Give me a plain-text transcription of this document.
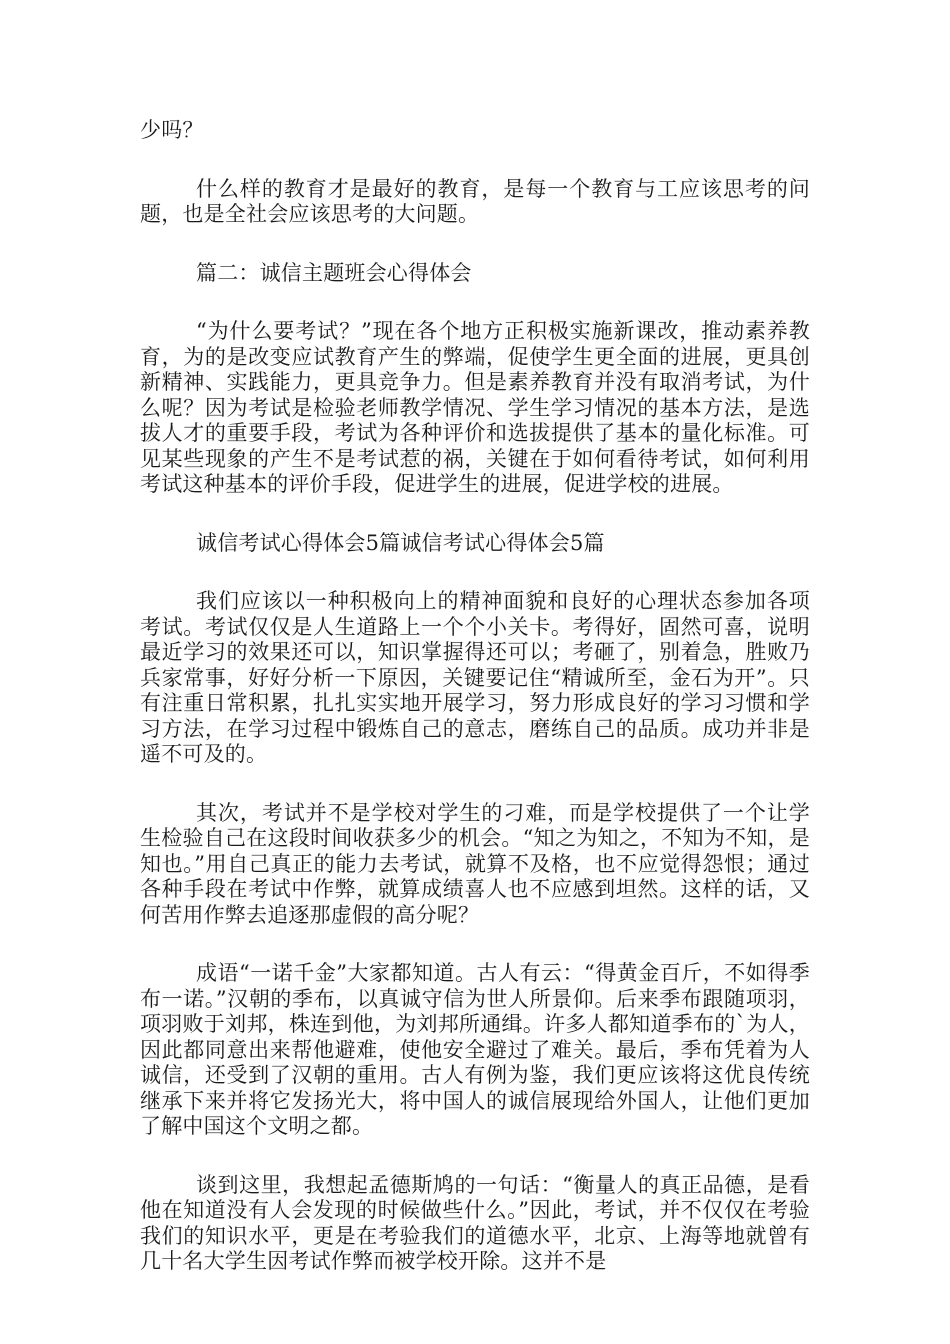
少吗？

什么样的教育才是最好的教育，是每一个教育与工应该思考的问题，也是全社会应该思考的大问题。

篇二：诚信主题班会心得体会

“为什么要考试？”现在各个地方正积极实施新课改，推动素养教育，为的是改变应试教育产生的弊端，促使学生更全面的进展，更具创新精神、实践能力，更具竞争力。但是素养教育并没有取消考试，为什么呢？因为考试是检验老师教学情况、学生学习情况的基本方法，是选拔人才的重要手段，考试为各种评价和选拔提供了基本的量化标准。可见某些现象的产生不是考试惹的祸，关键在于如何看待考试，如何利用考试这种基本的评价手段，促进学生的进展，促进学校的进展。

诚信考试心得体会5篇诚信考试心得体会5篇

我们应该以一种积极向上的精神面貌和良好的心理状态参加各项考试。考试仅仅是人生道路上一个个小关卡。考得好，固然可喜，说明最近学习的效果还可以，知识掌握得还可以；考砸了，别着急，胜败乃兵家常事，好好分析一下原因，关键要记住“精诚所至，金石为开”。只有注重日常积累，扎扎实实地开展学习，努力形成良好的学习习惯和学习方法，在学习过程中锻炼自己的意志，磨练自己的品质。成功并非是遥不可及的。

其次，考试并不是学校对学生的刁难，而是学校提供了一个让学生检验自己在这段时间收获多少的机会。“知之为知之，不知为不知，是知也。”用自己真正的能力去考试，就算不及格，也不应觉得怨恨；通过各种手段在考试中作弊，就算成绩喜人也不应感到坦然。这样的话，又何苦用作弊去追逐那虚假的高分呢？

成语“一诺千金”大家都知道。古人有云：“得黄金百斤，不如得季布一诺。”汉朝的季布，以真诚守信为世人所景仰。后来季布跟随项羽，项羽败于刘邦，株连到他，为刘邦所通缉。许多人都知道季布的`为人，因此都同意出来帮他避难，使他安全避过了难关。最后，季布凭着为人诚信，还受到了汉朝的重用。古人有例为鉴，我们更应该将这优良传统继承下来并将它发扬光大，将中国人的诚信展现给外国人，让他们更加了解中国这个文明之都。

谈到这里，我想起孟德斯鸠的一句话：“衡量人的真正品德，是看他在知道没有人会发现的时候做些什么。”因此，考试，并不仅仅在考验我们的知识水平，更是在考验我们的道德水平，北京、上海等地就曾有几十名大学生因考试作弊而被学校开除。这并不是
